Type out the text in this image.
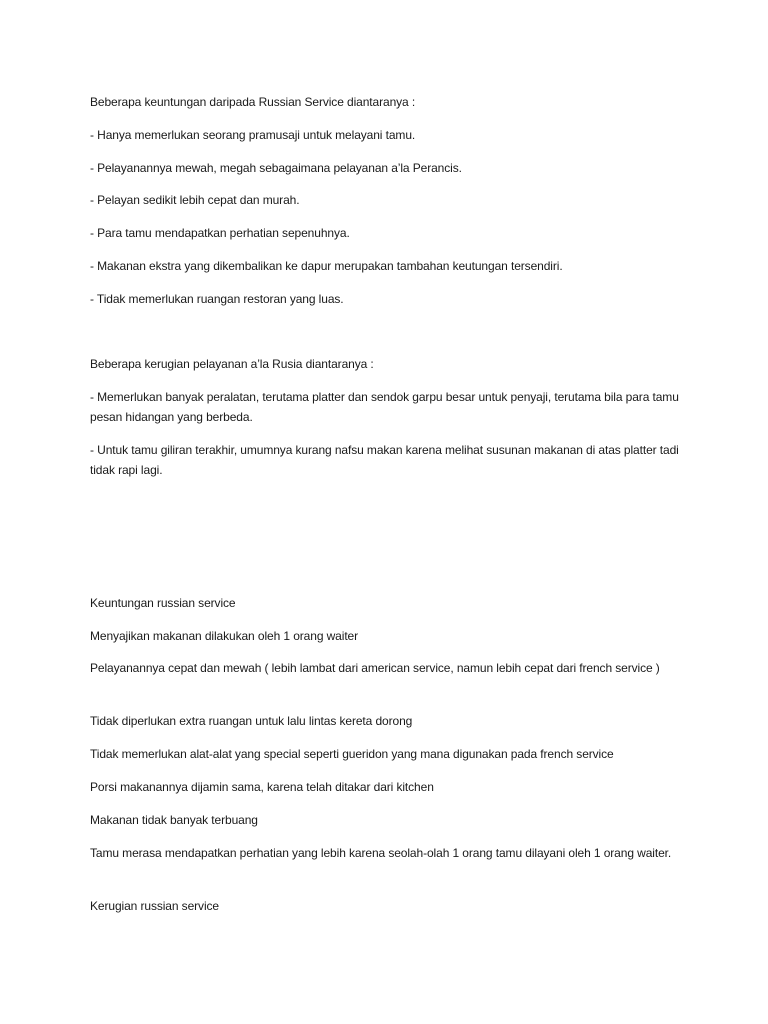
Beberapa keuntungan daripada Russian Service diantaranya :

- Hanya memerlukan seorang pramusaji untuk melayani tamu.

- Pelayanannya mewah, megah sebagaimana pelayanan a’la Perancis.

- Pelayan sedikit lebih cepat dan murah.

- Para tamu mendapatkan perhatian sepenuhnya.

- Makanan ekstra yang dikembalikan ke dapur merupakan tambahan keutungan tersendiri.

- Tidak memerlukan ruangan restoran yang luas.

Beberapa kerugian pelayanan a’la Rusia diantaranya :

- Memerlukan banyak peralatan, terutama platter dan sendok garpu besar untuk penyaji, terutama bila para tamu pesan hidangan yang berbeda.

- Untuk tamu giliran terakhir, umumnya kurang nafsu makan karena melihat susunan makanan di atas platter tadi tidak rapi lagi.

Keuntungan russian service

Menyajikan makanan dilakukan oleh 1 orang waiter

Pelayanannya cepat dan mewah ( lebih lambat dari american service, namun lebih cepat dari french service )

Tidak diperlukan extra ruangan untuk lalu lintas kereta dorong

Tidak memerlukan alat-alat yang special seperti gueridon yang mana digunakan pada french service

Porsi makanannya dijamin sama, karena telah ditakar dari kitchen

Makanan tidak banyak terbuang

Tamu merasa mendapatkan perhatian yang lebih karena seolah-olah 1 orang tamu dilayani oleh 1 orang waiter.

Kerugian russian service
